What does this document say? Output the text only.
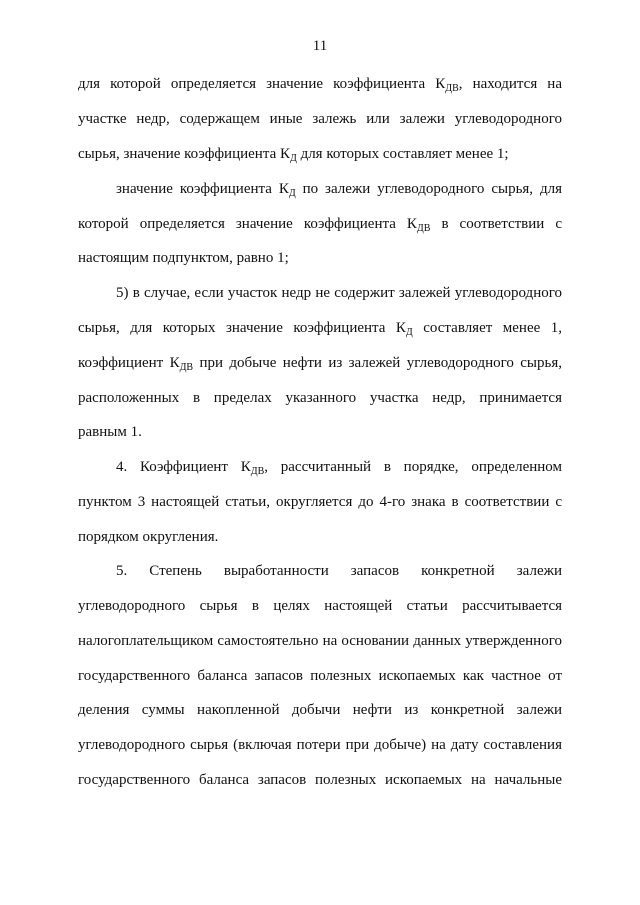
11
для которой определяется значение коэффициента $К_{ДВ}$, находится на
участке недр, содержащем иные залежь или залежи углеводородного
сырья, значение коэффициента $К_Д$ для которых составляет менее 1;
значение коэффициента $К_Д$ по залежи углеводородного сырья, для
которой определяется значение коэффициента $К_{ДВ}$ в соответствии с
настоящим подпунктом, равно 1;
5) в случае, если участок недр не содержит залежей углеводородного
сырья, для которых значение коэффициента $К_Д$ составляет менее 1,
коэффициент $К_{ДВ}$ при добыче нефти из залежей углеводородного сырья,
расположенных в пределах указанного участка недр, принимается
равным 1.
4. Коэффициент $К_{ДВ}$, рассчитанный в порядке, определенном
пунктом 3 настоящей статьи, округляется до 4-го знака в соответствии с
порядком округления.
5. Степень выработанности запасов конкретной залежи
углеводородного сырья в целях настоящей статьи рассчитывается
налогоплательщиком самостоятельно на основании данных утвержденного
государственного баланса запасов полезных ископаемых как частное от
деления суммы накопленной добычи нефти из конкретной залежи
углеводородного сырья (включая потери при добыче) на дату составления
государственного баланса запасов полезных ископаемых на начальные
